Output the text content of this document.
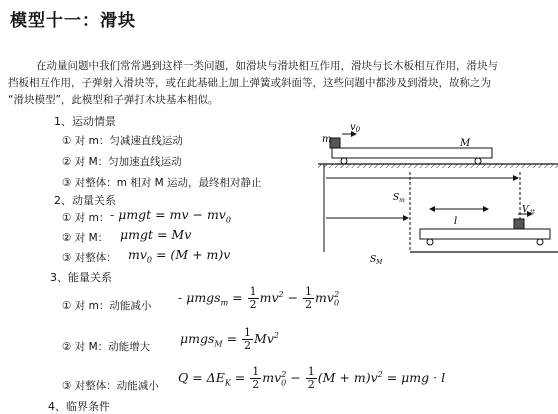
模型十一：滑块
在动量问题中我们常常遇到这样一类问题，如滑块与滑块相互作用，滑块与长木板相互作用，滑块与
挡板相互作用，子弹射入滑块等，或在此基础上加上弹簧或斜面等，这些问题中都涉及到滑块，故称之为
“滑块模型”，此模型和子弹打木块基本相似。
1、运动情景
① 对 m：匀减速直线运动
② 对 M：匀加速直线运动
③ 对整体：m 相对 M 运动，最终相对静止
2、动量关系
① 对 m： - μmgt = mv − $mv_0$
② 对 M： μmgt = Mv
③ 对整体： $mv_0 = (M + m)v$
3、能量关系
① 对 m：动能减小
- $\mu mgs_m = \frac{1}{2} mv^2 - \frac{1}{2} mv_0^2$
② 对 M：动能增大
$\mu mgs_M = \frac{1}{2} Mv^2$
③ 对整体：动能减小
$Q = \Delta E_K = \frac{1}{2} mv_0^2 - \frac{1}{2} (M + m)v^2 = \mu mg \cdot l$
4、临界条件
m
$v_0$
M
$S_m$
l
$S_M$
$V_共$
